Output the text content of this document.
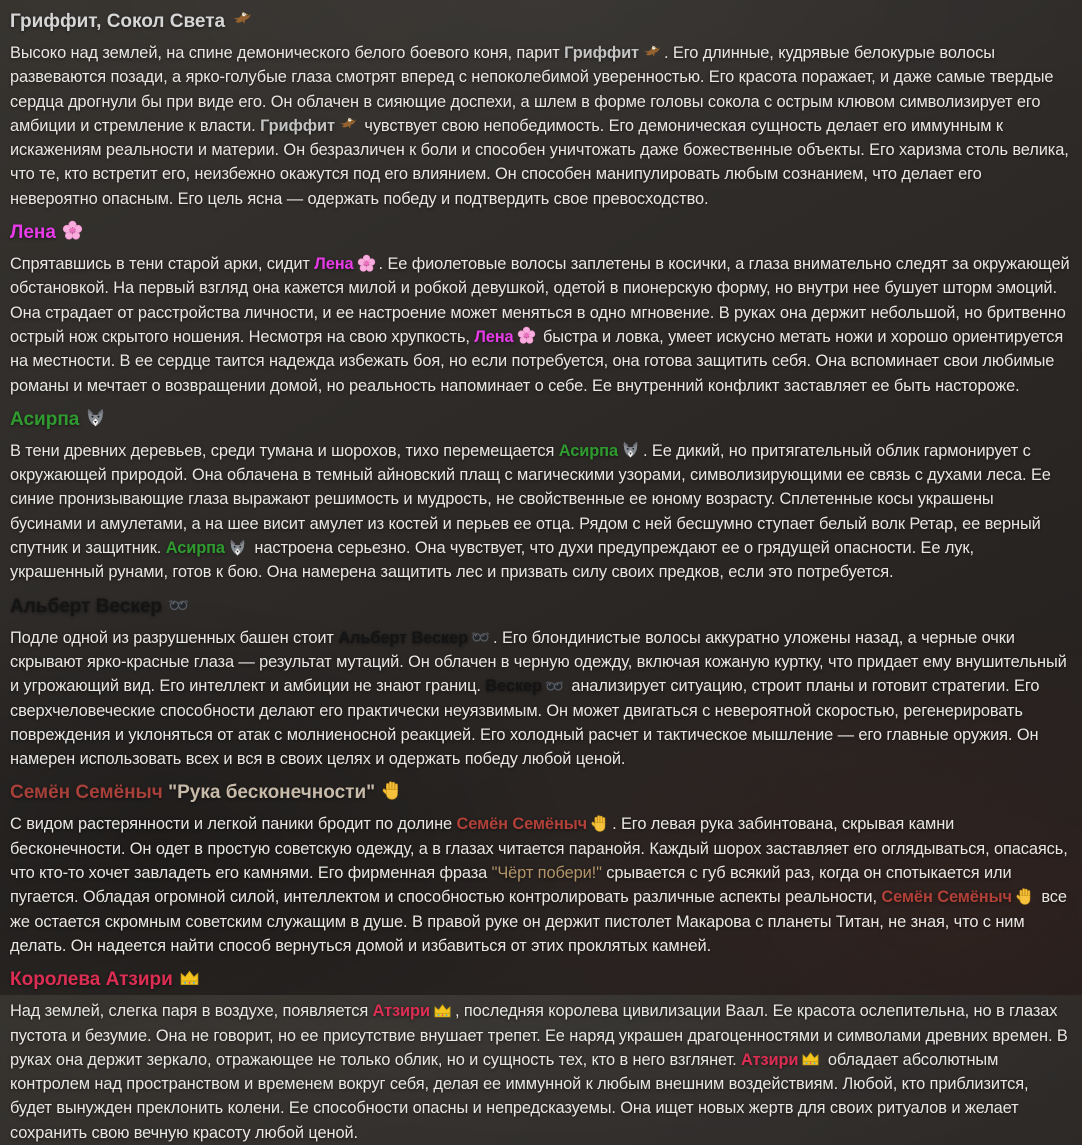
Гриффит, Сокол Света

Высоко над землей, на спине демонического белого боевого коня, парит Гриффит . Его длинные, кудрявые белокурые волосы развеваются позади, а ярко-голубые глаза смотрят вперед с непоколебимой уверенностью. Его красота поражает, и даже самые твердые сердца дрогнули бы при виде его. Он облачен в сияющие доспехи, а шлем в форме головы сокола с острым клювом символизирует его амбиции и стремление к власти. Гриффит чувствует свою непобедимость. Его демоническая сущность делает его иммунным к искажениям реальности и материи. Он безразличен к боли и способен уничтожать даже божественные объекты. Его харизма столь велика, что те, кто встретит его, неизбежно окажутся под его влиянием. Он способен манипулировать любым сознанием, что делает его невероятно опасным. Его цель ясна — одержать победу и подтвердить свое превосходство.

Лена

Спрятавшись в тени старой арки, сидит Лена . Ее фиолетовые волосы заплетены в косички, а глаза внимательно следят за окружающей обстановкой. На первый взгляд она кажется милой и робкой девушкой, одетой в пионерскую форму, но внутри нее бушует шторм эмоций. Она страдает от расстройства личности, и ее настроение может меняться в одно мгновение. В руках она держит небольшой, но бритвенно острый нож скрытого ношения. Несмотря на свою хрупкость, Лена быстра и ловка, умеет искусно метать ножи и хорошо ориентируется на местности. В ее сердце таится надежда избежать боя, но если потребуется, она готова защитить себя. Она вспоминает свои любимые романы и мечтает о возвращении домой, но реальность напоминает о себе. Ее внутренний конфликт заставляет ее быть настороже.

Асирпа

В тени древних деревьев, среди тумана и шорохов, тихо перемещается Асирпа . Ее дикий, но притягательный облик гармонирует с окружающей природой. Она облачена в темный айновский плащ с магическими узорами, символизирующими ее связь с духами леса. Ее синие пронизывающие глаза выражают решимость и мудрость, не свойственные ее юному возрасту. Сплетенные косы украшены бусинами и амулетами, а на шее висит амулет из костей и перьев ее отца. Рядом с ней бесшумно ступает белый волк Ретар, ее верный спутник и защитник. Асирпа настроена серьезно. Она чувствует, что духи предупреждают ее о грядущей опасности. Ее лук, украшенный рунами, готов к бою. Она намерена защитить лес и призвать силу своих предков, если это потребуется.

Альберт Вескер

Подле одной из разрушенных башен стоит Альберт Вескер . Его блондинистые волосы аккуратно уложены назад, а черные очки скрывают ярко-красные глаза — результат мутаций. Он облачен в черную одежду, включая кожаную куртку, что придает ему внушительный и угрожающий вид. Его интеллект и амбиции не знают границ. Вескер анализирует ситуацию, строит планы и готовит стратегии. Его сверхчеловеческие способности делают его практически неуязвимым. Он может двигаться с невероятной скоростью, регенерировать повреждения и уклоняться от атак с молниеносной реакцией. Его холодный расчет и тактическое мышление — его главные оружия. Он намерен использовать всех и вся в своих целях и одержать победу любой ценой.

Семён Семёныч "Рука бесконечности"

С видом растерянности и легкой паники бродит по долине Семён Семёныч . Его левая рука забинтована, скрывая камни бесконечности. Он одет в простую советскую одежду, а в глазах читается паранойя. Каждый шорох заставляет его оглядываться, опасаясь, что кто-то хочет завладеть его камнями. Его фирменная фраза "Чёрт побери!" срывается с губ всякий раз, когда он спотыкается или пугается. Обладая огромной силой, интеллектом и способностью контролировать различные аспекты реальности, Семён Семёныч все же остается скромным советским служащим в душе. В правой руке он держит пистолет Макарова с планеты Титан, не зная, что с ним делать. Он надеется найти способ вернуться домой и избавиться от этих проклятых камней.

Королева Атзири

Над землей, слегка паря в воздухе, появляется Атзири , последняя королева цивилизации Ваал. Ее красота ослепительна, но в глазах пустота и безумие. Она не говорит, но ее присутствие внушает трепет. Ее наряд украшен драгоценностями и символами древних времен. В руках она держит зеркало, отражающее не только облик, но и сущность тех, кто в него взглянет. Атзири обладает абсолютным контролем над пространством и временем вокруг себя, делая ее иммунной к любым внешним воздействиям. Любой, кто приблизится, будет вынужден преклонить колени. Ее способности опасны и непредсказуемы. Она ищет новых жертв для своих ритуалов и желает сохранить свою вечную красоту любой ценой.
